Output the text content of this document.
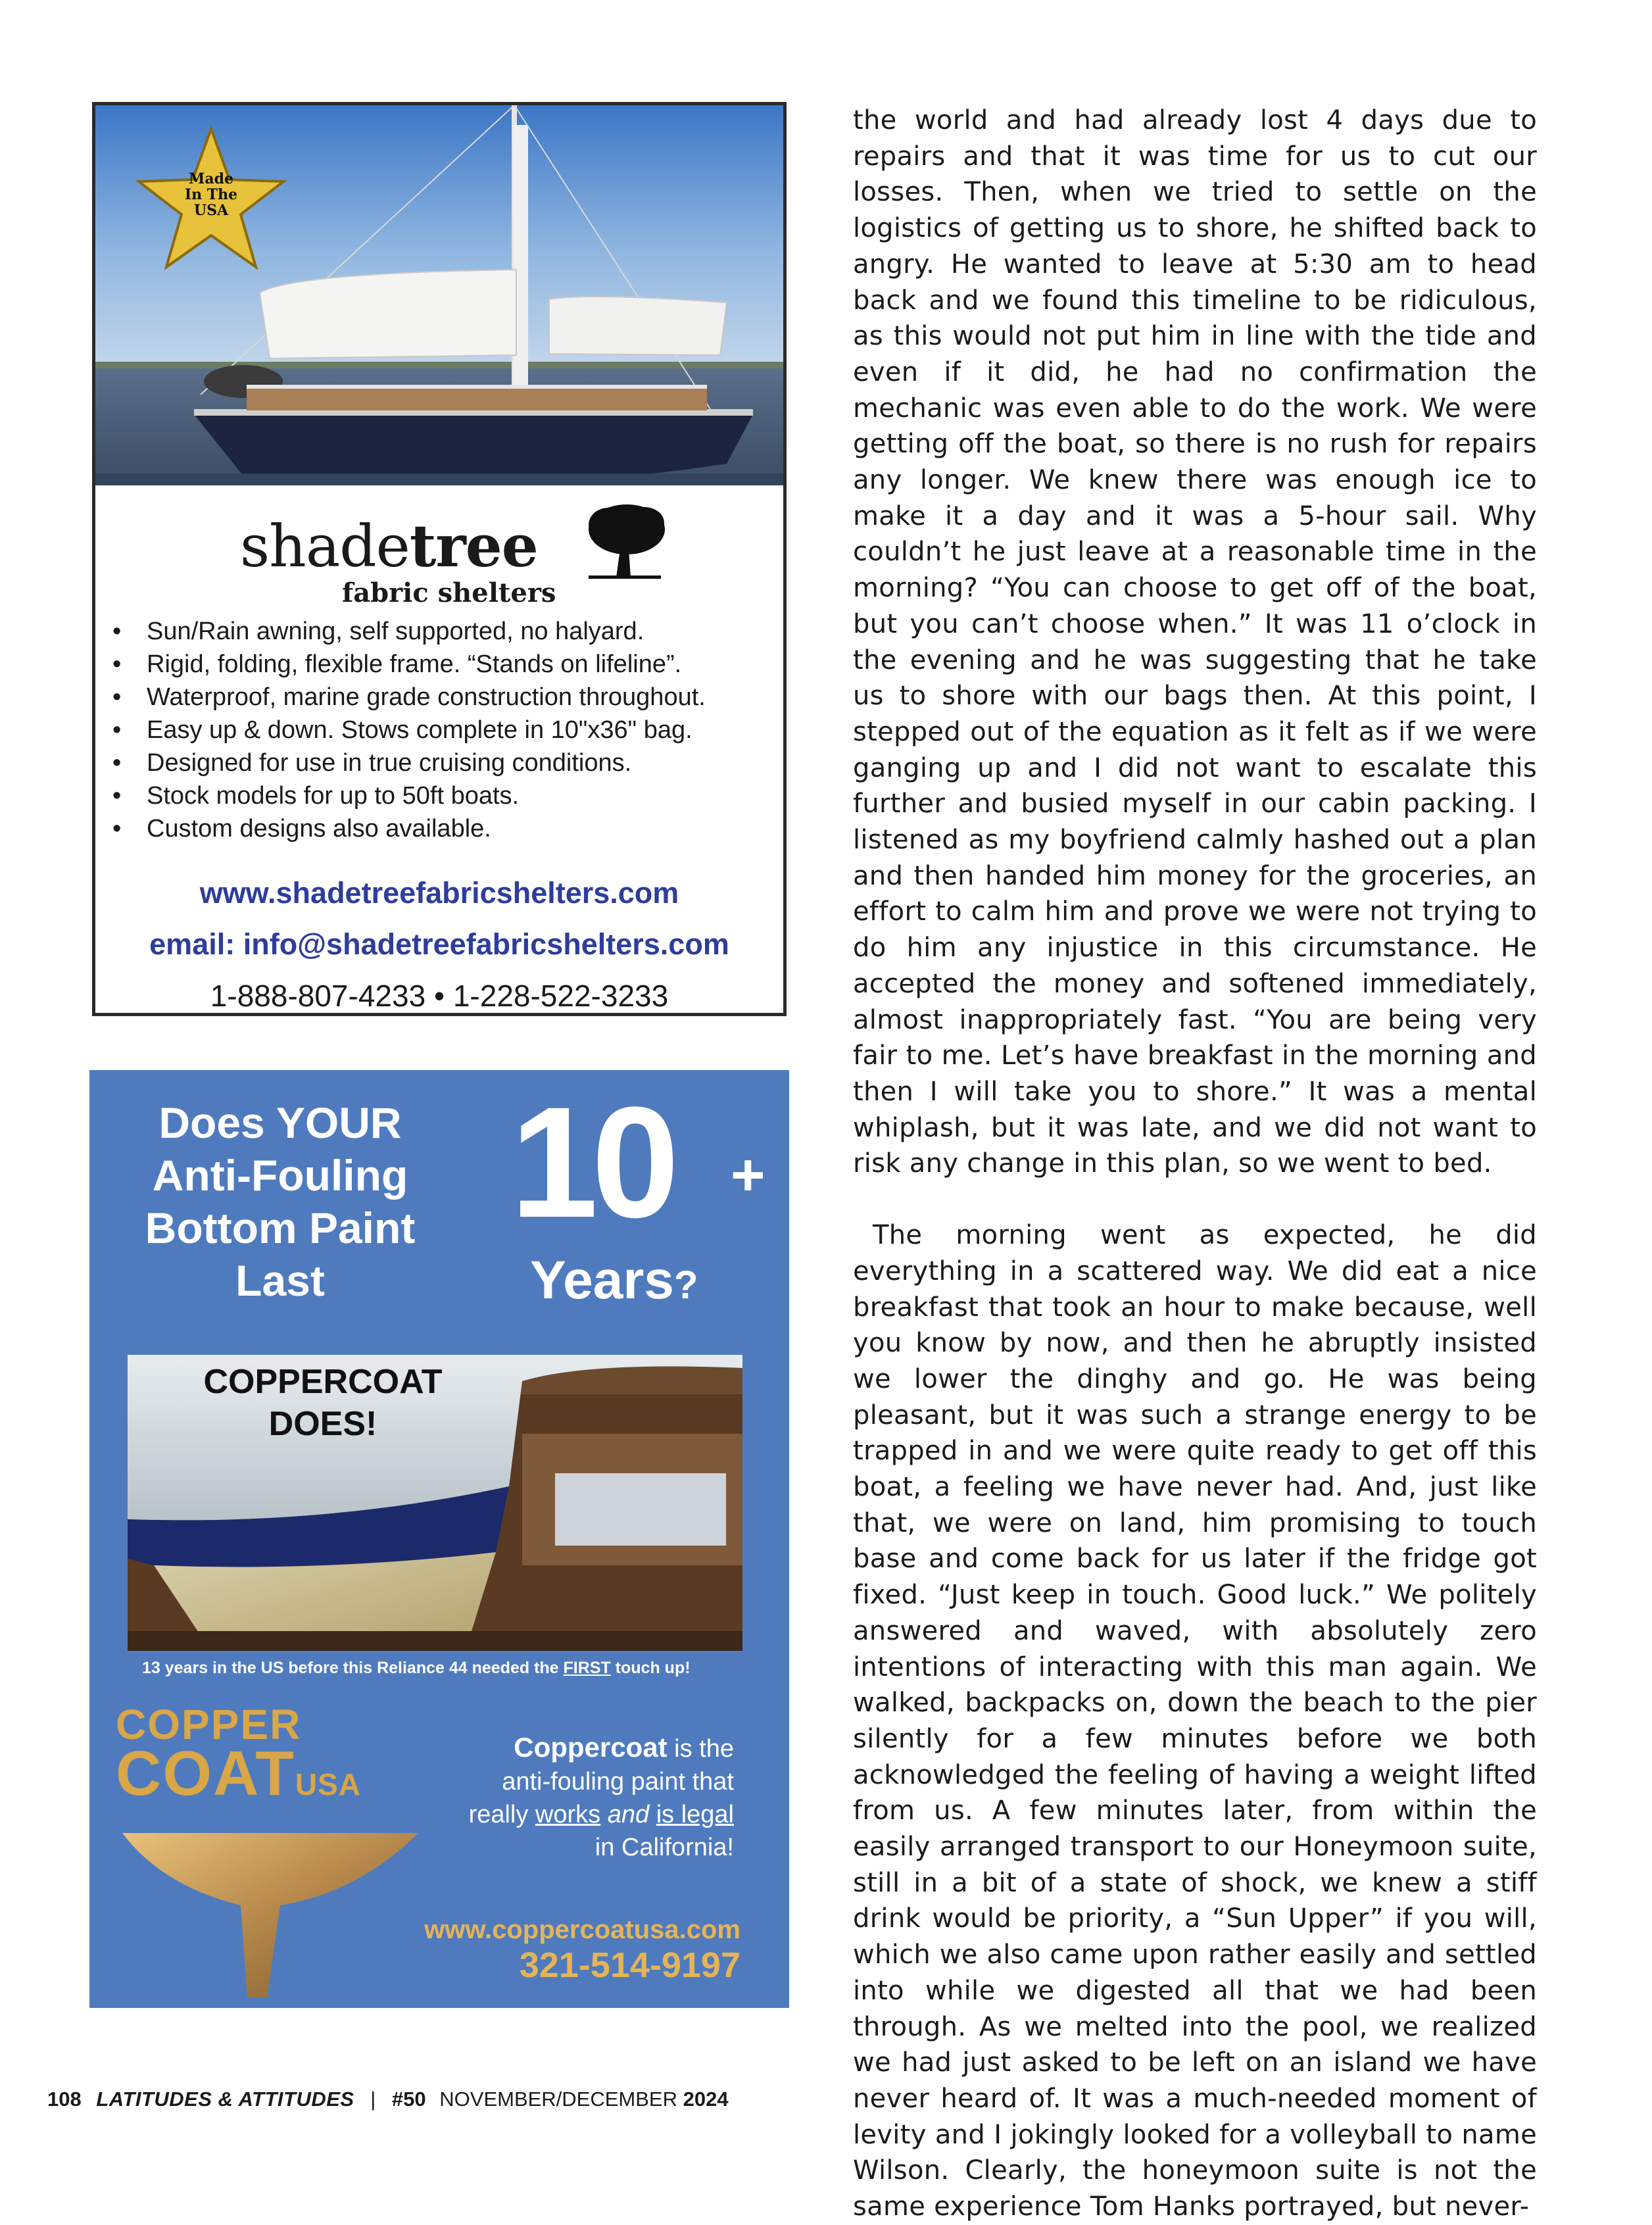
Made
In The
USA
shadetree
fabric shelters
• Sun/Rain awning, self supported, no halyard.
• Rigid, folding, flexible frame. “Stands on lifeline”.
• Waterproof, marine grade construction throughout.
• Easy up & down. Stows complete in 10"x36" bag.
• Designed for use in true cruising conditions.
• Stock models for up to 50ft boats.
• Custom designs also available.
www.shadetreefabricshelters.com
email: info@shadetreefabricshelters.com
1-888-807-4233 • 1-228-522-3233
Does YOUR
Anti-Fouling
Bottom Paint
Last
10 +
Years?
COPPERCOAT
DOES!
13 years in the US before this Reliance 44 needed the FIRST touch up!
COPPER
COATUSA
Coppercoat is the
anti-fouling paint that
really works and is legal
in California!
www.coppercoatusa.com
321-514-9197

the world and had already lost 4 days due to repairs and that it was time for us to cut our losses. Then, when we tried to settle on the logistics of getting us to shore, he shifted back to angry. He wanted to leave at 5:30 am to head back and we found this timeline to be ridiculous, as this would not put him in line with the tide and even if it did, he had no confirmation the mechanic was even able to do the work. We were getting off the boat, so there is no rush for repairs any longer. We knew there was enough ice to make it a day and it was a 5-hour sail. Why couldn’t he just leave at a reasonable time in the morning? “You can choose to get off of the boat, but you can’t choose when.” It was 11 o’clock in the evening and he was suggesting that he take us to shore with our bags then. At this point, I stepped out of the equation as it felt as if we were ganging up and I did not want to escalate this further and busied myself in our cabin packing. I listened as my boyfriend calmly hashed out a plan and then handed him money for the groceries, an effort to calm him and prove we were not trying to do him any injustice in this circumstance. He accepted the money and softened immediately, almost inappropriately fast. “You are being very fair to me. Let’s have breakfast in the morning and then I will take you to shore.” It was a mental whiplash, but it was late, and we did not want to risk any change in this plan, so we went to bed.

The morning went as expected, he did everything in a scattered way. We did eat a nice breakfast that took an hour to make because, well you know by now, and then he abruptly insisted we lower the dinghy and go. He was being pleasant, but it was such a strange energy to be trapped in and we were quite ready to get off this boat, a feeling we have never had. And, just like that, we were on land, him promising to touch base and come back for us later if the fridge got fixed. “Just keep in touch. Good luck.” We politely answered and waved, with absolutely zero intentions of interacting with this man again. We walked, backpacks on, down the beach to the pier silently for a few minutes before we both acknowledged the feeling of having a weight lifted from us. A few minutes later, from within the easily arranged transport to our Honeymoon suite, still in a bit of a state of shock, we knew a stiff drink would be priority, a “Sun Upper” if you will, which we also came upon rather easily and settled into while we digested all that we had been through. As we melted into the pool, we realized we had just asked to be left on an island we have never heard of. It was a much-needed moment of levity and I jokingly looked for a volleyball to name Wilson. Clearly, the honeymoon suite is not the same experience Tom Hanks portrayed, but never-

108 LATITUDES & ATTITUDES | #50 NOVEMBER/DECEMBER 2024
